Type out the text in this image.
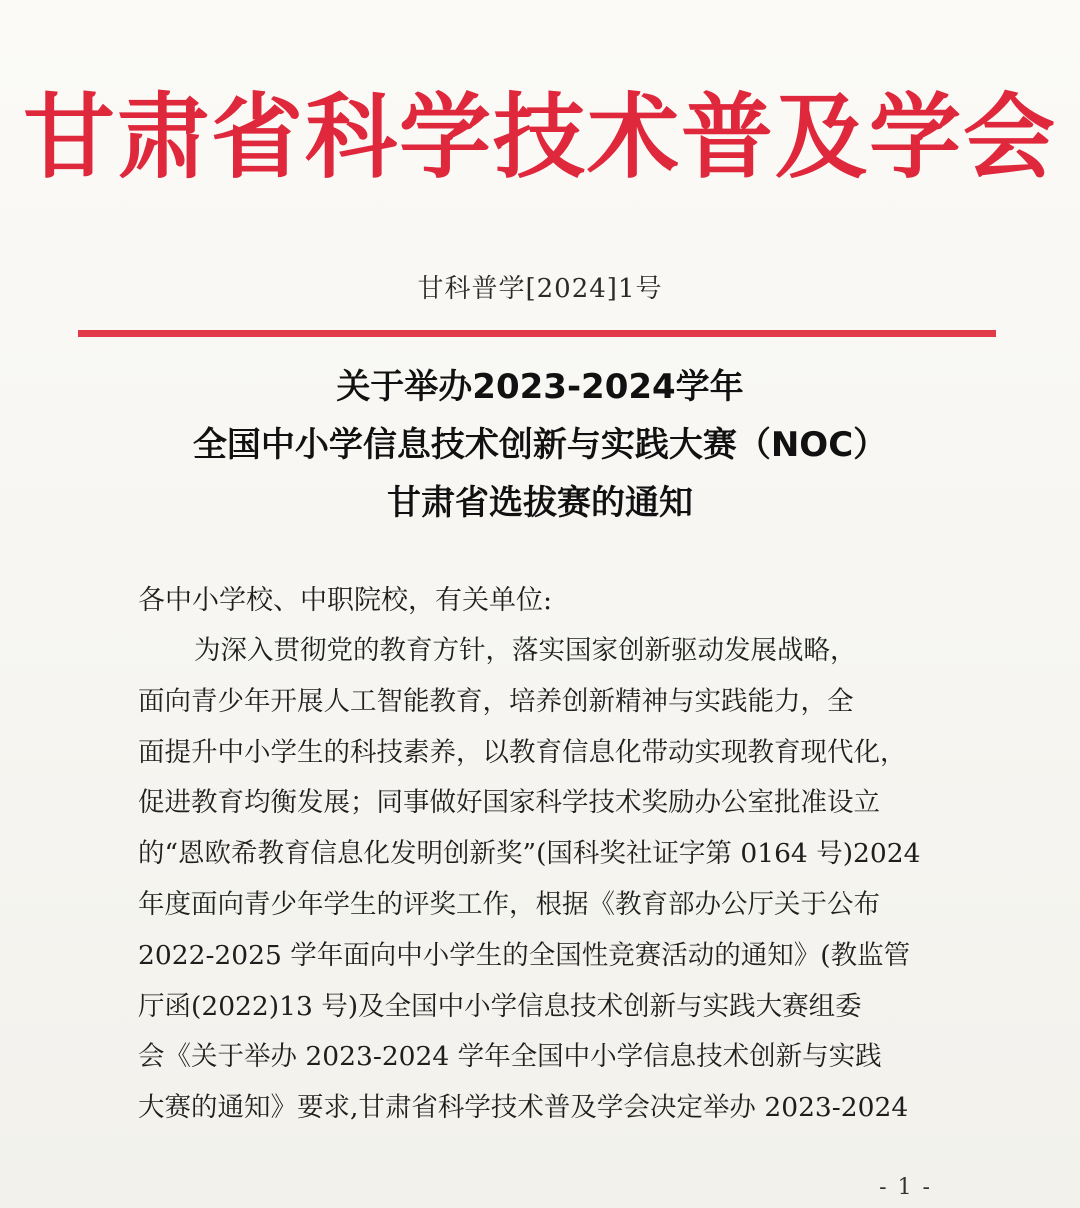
甘肃省科学技术普及学会
甘科普学[2024]1号
关于举办2023-2024学年
全国中小学信息技术创新与实践大赛（NOC）
甘肃省选拔赛的通知
各中小学校、中职院校，有关单位:
为深入贯彻党的教育方针，落实国家创新驱动发展战略，
面向青少年开展人工智能教育，培养创新精神与实践能力，全
面提升中小学生的科技素养，以教育信息化带动实现教育现代化，
促进教育均衡发展；同事做好国家科学技术奖励办公室批准设立
的“恩欧希教育信息化发明创新奖”(国科奖社证字第 0164 号)2024
年度面向青少年学生的评奖工作，根据《教育部办公厅关于公布
2022-2025 学年面向中小学生的全国性竞赛活动的通知》(教监管
厅函(2022)13 号)及全国中小学信息技术创新与实践大赛组委
会《关于举办 2023-2024 学年全国中小学信息技术创新与实践
大赛的通知》要求,甘肃省科学技术普及学会决定举办 2023-2024
- 1 -
